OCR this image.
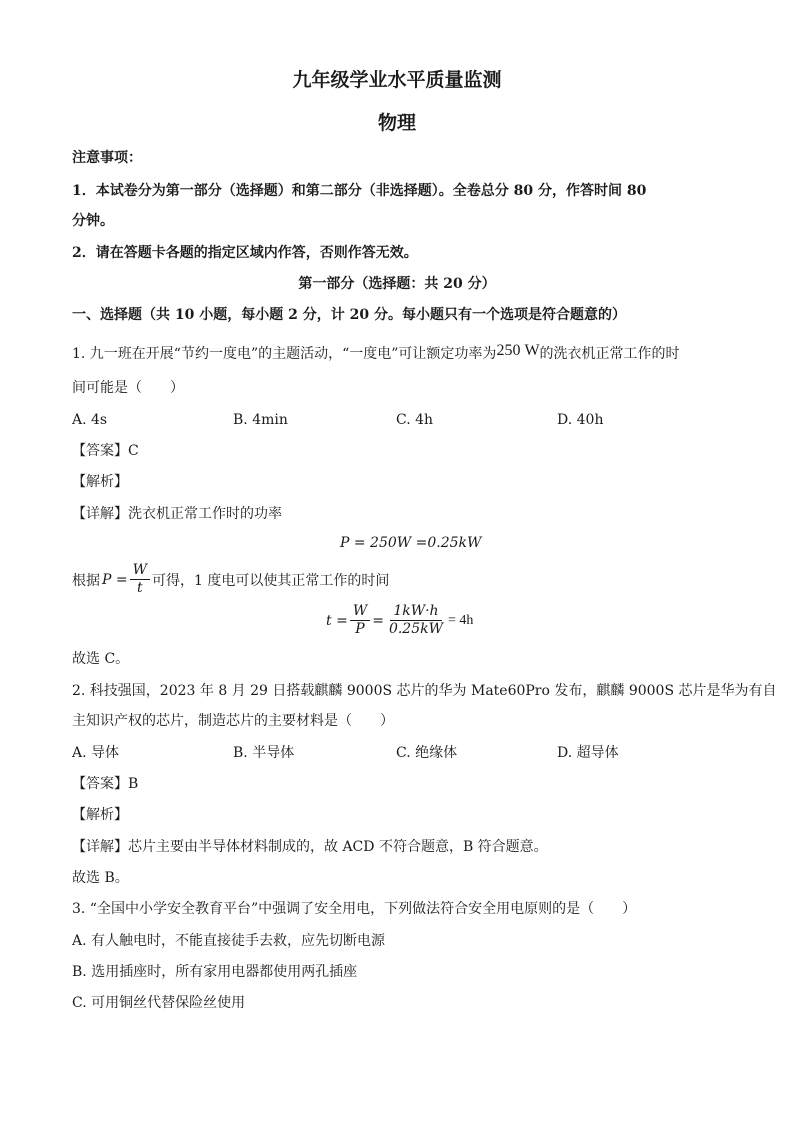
九年级学业水平质量监测
物理
注意事项：
1．本试卷分为第一部分（选择题）和第二部分（非选择题）。全卷总分 80 分，作答时间 80
分钟。
2．请在答题卡各题的指定区域内作答，否则作答无效。
第一部分（选择题：共 20 分）
一、选择题（共 10 小题，每小题 2 分，计 20 分。每小题只有一个选项是符合题意的）
1. 九一班在开展“节约一度电”的主题活动，“一度电”可让额定功率为250 W的洗衣机正常工作的时
间可能是（　　）
A. 4s	B. 4min	C. 4h	D. 40h
【答案】C
【解析】
【详解】洗衣机正常工作时的功率
P = 250W =0.25kW
根据 $P = \frac{W}{t}$ 可得，1 度电可以使其正常工作的时间
$t = \frac{W}{P} = \frac{1kW\cdot h}{0.25kW} = 4h$
故选 C。
2. 科技强国，2023 年 8 月 29 日搭载麒麟 9000S 芯片的华为 Mate60Pro 发布，麒麟 9000S 芯片是华为有自
主知识产权的芯片，制造芯片的主要材料是（　　）
A. 导体	B. 半导体	C. 绝缘体	D. 超导体
【答案】B
【解析】
【详解】芯片主要由半导体材料制成的，故 ACD 不符合题意，B 符合题意。
故选 B。
3. “全国中小学安全教育平台”中强调了安全用电，下列做法符合安全用电原则的是（　　）
A. 有人触电时，不能直接徒手去救，应先切断电源
B. 选用插座时，所有家用电器都使用两孔插座
C. 可用铜丝代替保险丝使用
